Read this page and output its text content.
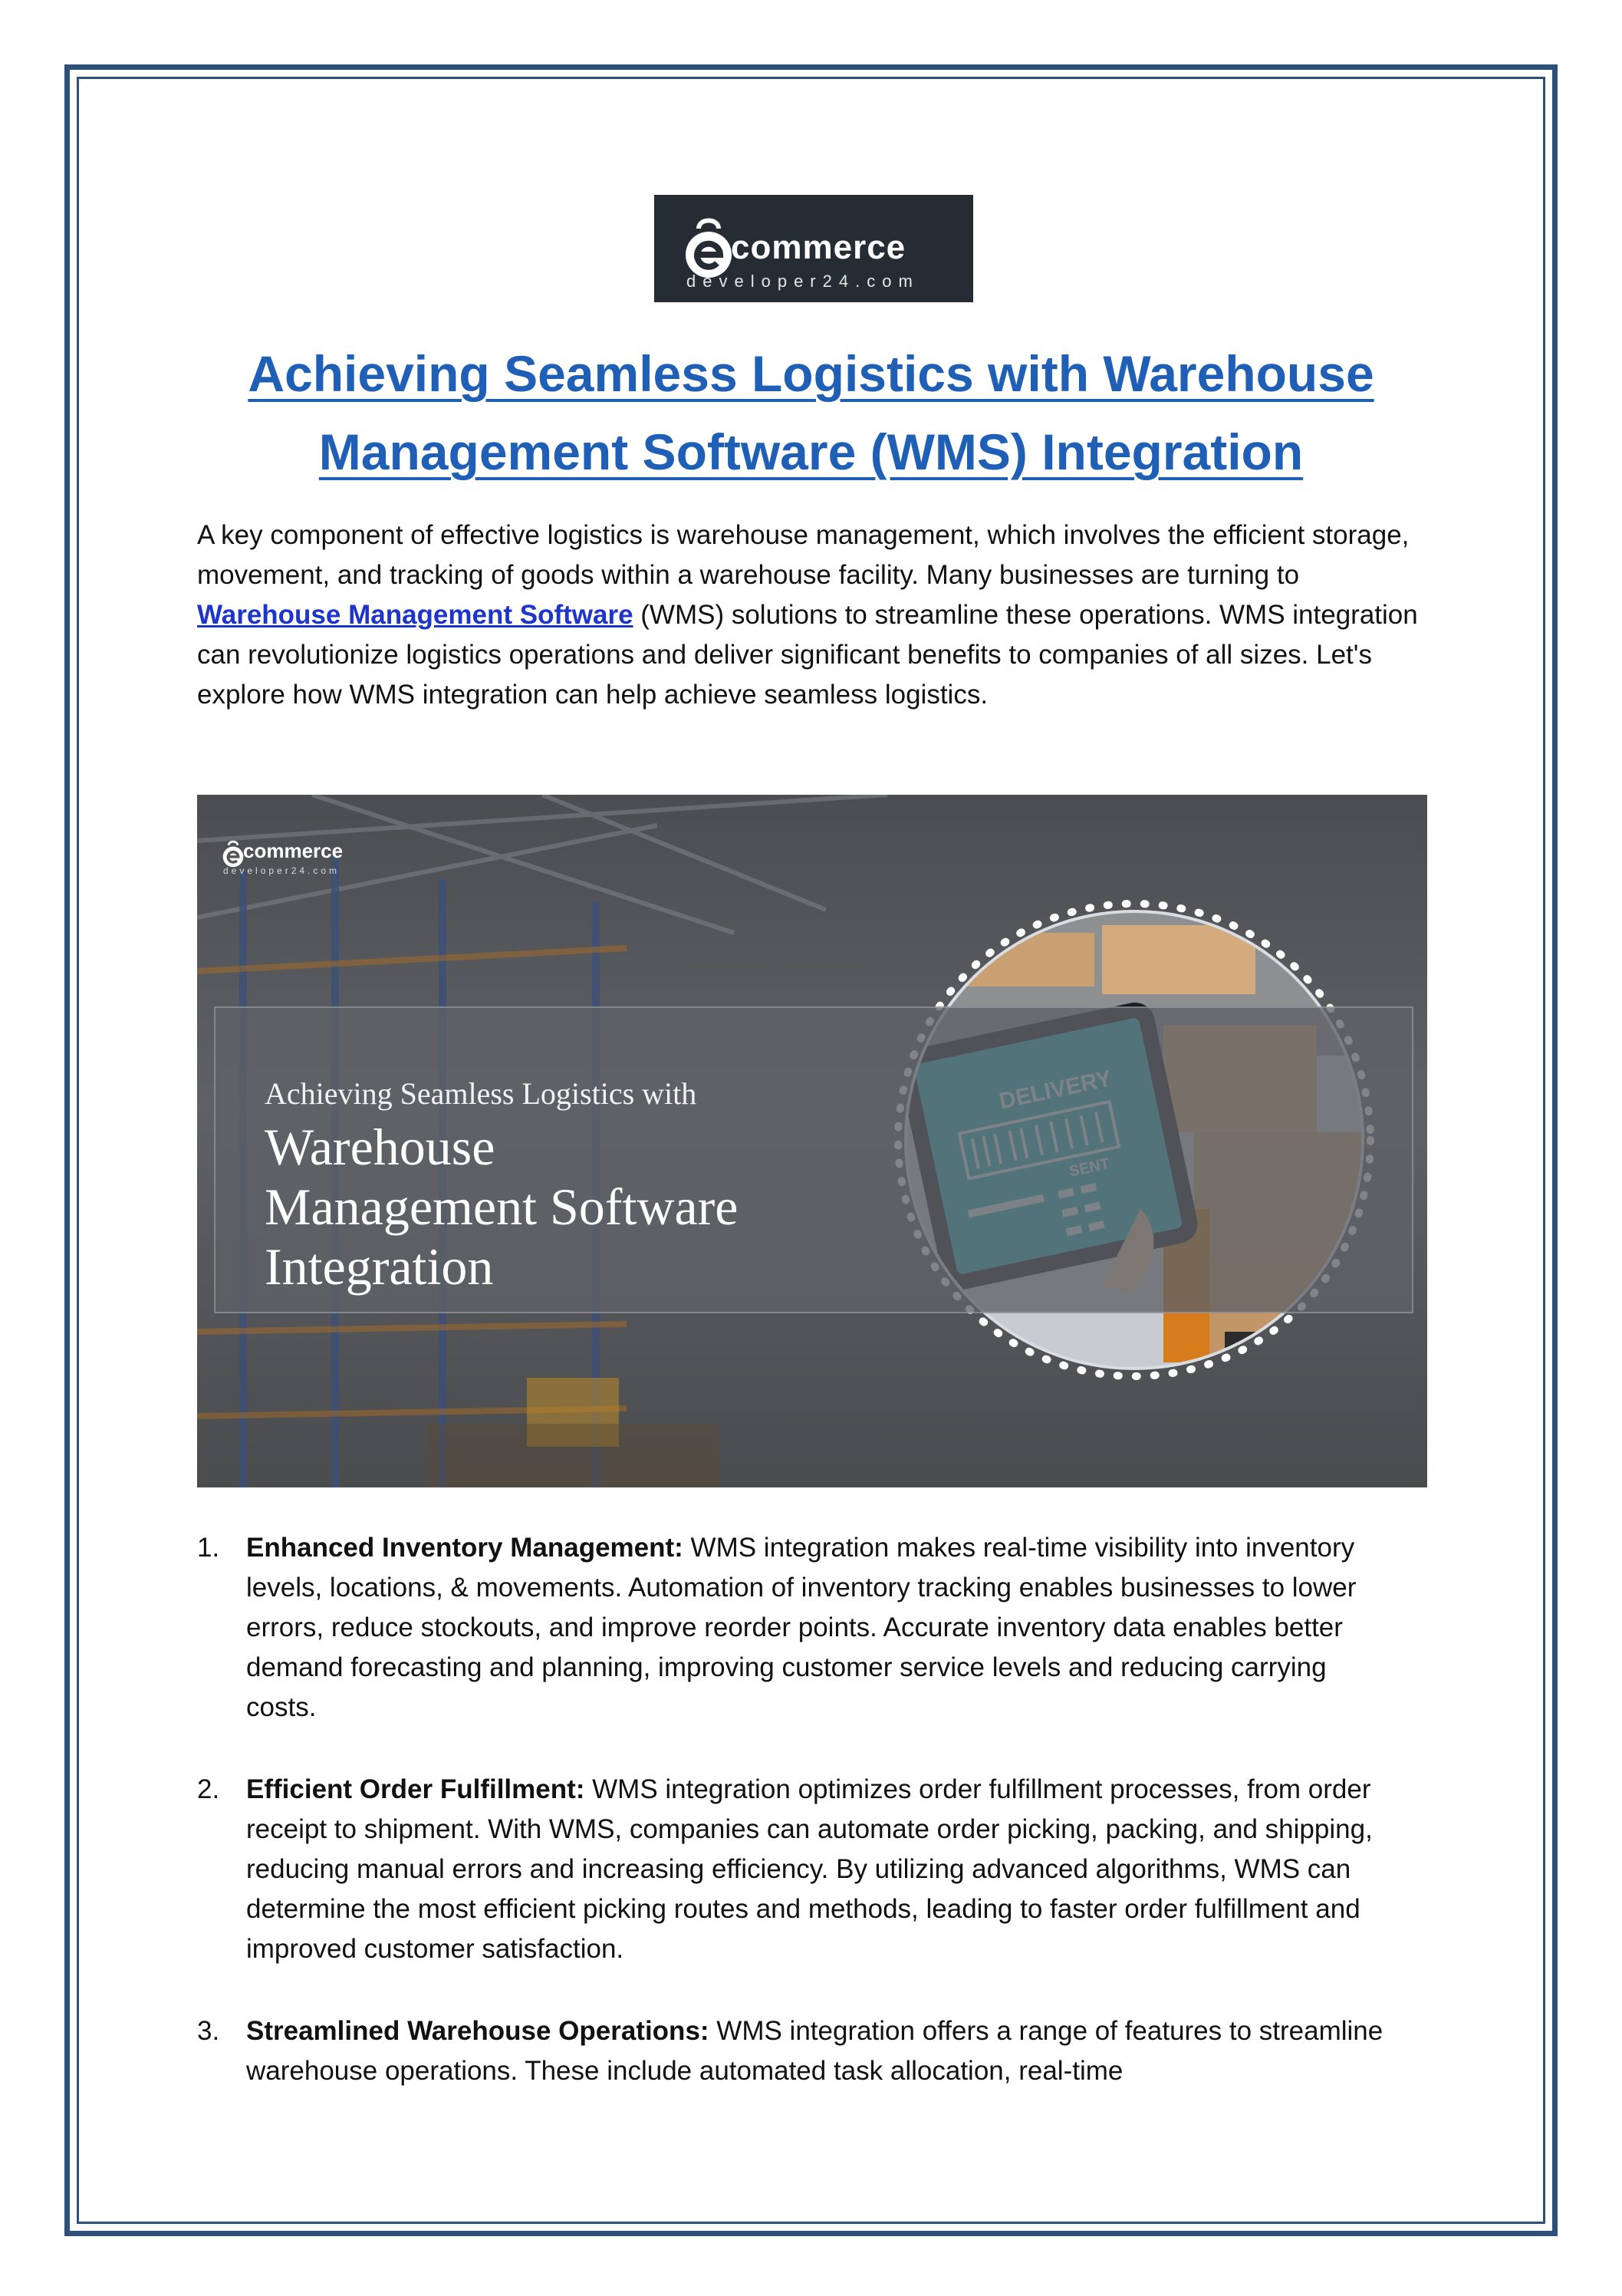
commerce
developer24.com
Achieving Seamless Logistics with Warehouse Management Software (WMS) Integration

A key component of effective logistics is warehouse management, which involves the efficient storage, movement, and tracking of goods within a warehouse facility. Many businesses are turning to Warehouse Management Software (WMS) solutions to streamline these operations. WMS integration can revolutionize logistics operations and deliver significant benefits to companies of all sizes. Let's explore how WMS integration can help achieve seamless logistics.

commerce
developer24.com
Achieving Seamless Logistics with
Warehouse
Management Software
Integration
1. Enhanced Inventory Management: WMS integration makes real-time visibility into inventory levels, locations, & movements. Automation of inventory tracking enables businesses to lower errors, reduce stockouts, and improve reorder points. Accurate inventory data enables better demand forecasting and planning, improving customer service levels and reducing carrying costs.
2. Efficient Order Fulfillment: WMS integration optimizes order fulfillment processes, from order receipt to shipment. With WMS, companies can automate order picking, packing, and shipping, reducing manual errors and increasing efficiency. By utilizing advanced algorithms, WMS can determine the most efficient picking routes and methods, leading to faster order fulfillment and improved customer satisfaction.
3. Streamlined Warehouse Operations: WMS integration offers a range of features to streamline warehouse operations. These include automated task allocation, real-time
